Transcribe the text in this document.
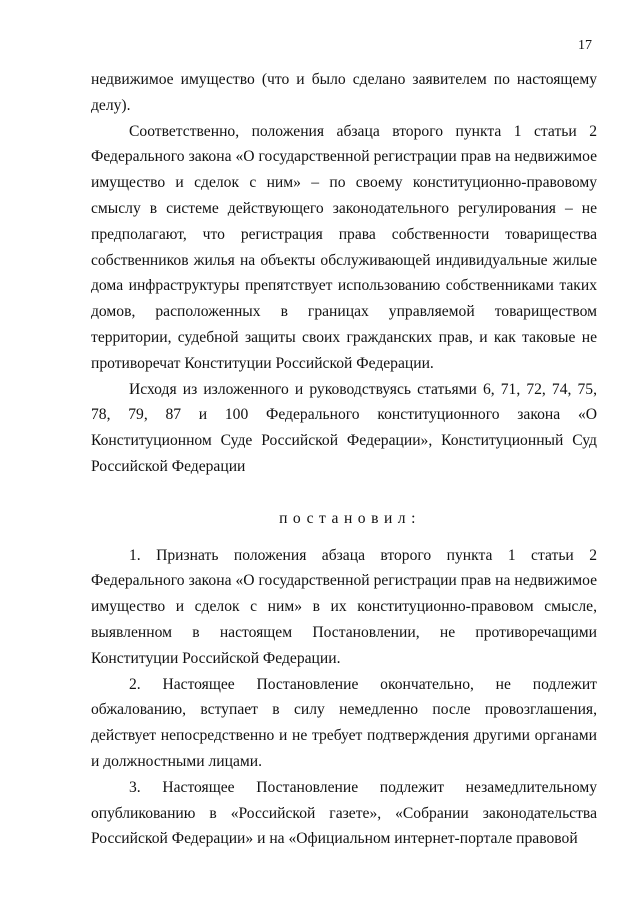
17

недвижимое имущество (что и было сделано заявителем по настоящему делу).

Соответственно, положения абзаца второго пункта 1 статьи 2 Федерального закона «О государственной регистрации прав на недвижимое имущество и сделок с ним» – по своему конституционно-правовому смыслу в системе действующего законодательного регулирования – не предполагают, что регистрация права собственности товарищества собственников жилья на объекты обслуживающей индивидуальные жилые дома инфраструктуры препятствует использованию собственниками таких домов, расположенных в границах управляемой товариществом территории, судебной защиты своих гражданских прав, и как таковые не противоречат Конституции Российской Федерации.

Исходя из изложенного и руководствуясь статьями 6, 71, 72, 74, 75, 78, 79, 87 и 100 Федерального конституционного закона «О Конституционном Суде Российской Федерации», Конституционный Суд Российской Федерации

постановил:

1. Признать положения абзаца второго пункта 1 статьи 2 Федерального закона «О государственной регистрации прав на недвижимое имущество и сделок с ним» в их конституционно-правовом смысле, выявленном в настоящем Постановлении, не противоречащими Конституции Российской Федерации.

2. Настоящее Постановление окончательно, не подлежит обжалованию, вступает в силу немедленно после провозглашения, действует непосредственно и не требует подтверждения другими органами и должностными лицами.

3. Настоящее Постановление подлежит незамедлительному опубликованию в «Российской газете», «Собрании законодательства Российской Федерации» и на «Официальном интернет-портале правовой
